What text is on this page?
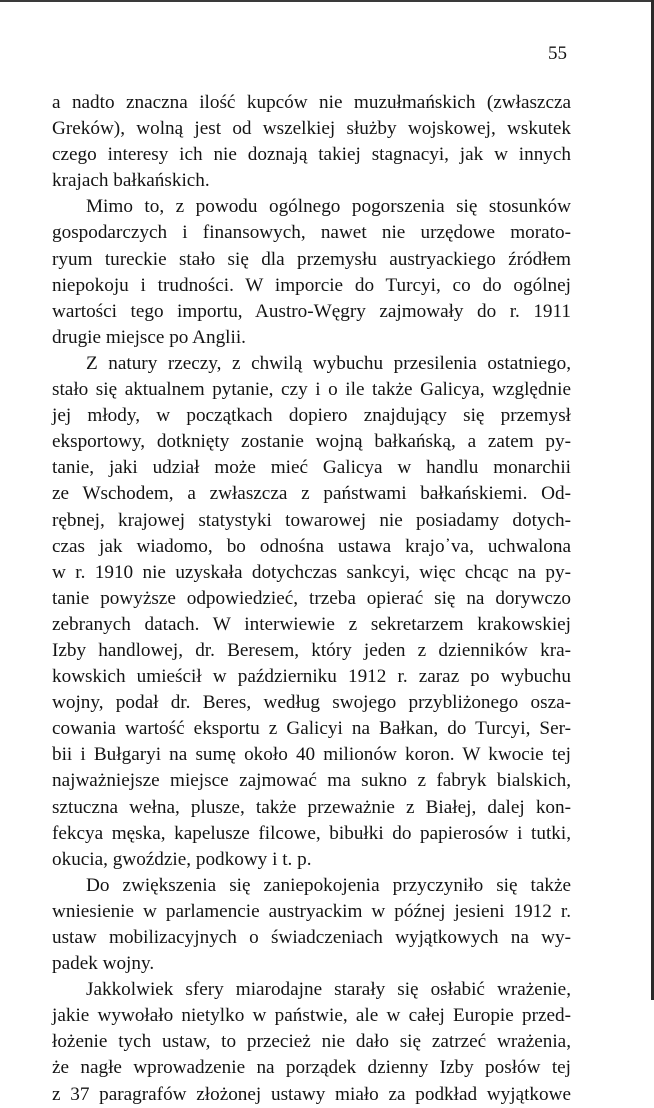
55
a nadto znaczna ilość kupców nie muzułmańskich (zwłaszcza
Greków), wolną jest od wszelkiej służby wojskowej, wskutek
czego interesy ich nie doznają takiej stagnacyi, jak w innych
krajach bałkańskich.
Mimo to, z powodu ogólnego pogorszenia się stosunków
gospodarczych i finansowych, nawet nie urzędowe morato-
ryum tureckie stało się dla przemysłu austryackiego źródłem
niepokoju i trudności. W imporcie do Turcyi, co do ogólnej
wartości tego importu, Austro-Węgry zajmowały do r. 1911
drugie miejsce po Anglii.
Z natury rzeczy, z chwilą wybuchu przesilenia ostatniego,
stało się aktualnem pytanie, czy i o ile także Galicya, względnie
jej młody, w początkach dopiero znajdujący się przemysł
eksportowy, dotknięty zostanie wojną bałkańską, a zatem py-
tanie, jaki udział może mieć Galicya w handlu monarchii
ze Wschodem, a zwłaszcza z państwami bałkańskiemi. Od-
rębnej, krajowej statystyki towarowej nie posiadamy dotych-
czas jak wiadomo, bo odnośna ustawa krajo᾽va, uchwalona
w r. 1910 nie uzyskała dotychczas sankcyi, więc chcąc na py-
tanie powyższe odpowiedzieć, trzeba opierać się na dorywczo
zebranych datach. W interwiewie z sekretarzem krakowskiej
Izby handlowej, dr. Beresem, który jeden z dzienników kra-
kowskich umieścił w październiku 1912 r. zaraz po wybuchu
wojny, podał dr. Beres, według swojego przybliżonego osza-
cowania wartość eksportu z Galicyi na Bałkan, do Turcyi, Ser-
bii i Bułgaryi na sumę około 40 milionów koron. W kwocie tej
najważniejsze miejsce zajmować ma sukno z fabryk bialskich,
sztuczna wełna, plusze, także przeważnie z Białej, dalej kon-
fekcya męska, kapelusze filcowe, bibułki do papierosów i tutki,
okucia, gwoździe, podkowy i t. p.
Do zwiększenia się zaniepokojenia przyczyniło się także
wniesienie w parlamencie austryackim w późnej jesieni 1912 r.
ustaw mobilizacyjnych o świadczeniach wyjątkowych na wy-
padek wojny.
Jakkolwiek sfery miarodajne starały się osłabić wrażenie,
jakie wywołało nietylko w państwie, ale w całej Europie przed-
łożenie tych ustaw, to przecież nie dało się zatrzeć wrażenia,
że nagłe wprowadzenie na porządek dzienny Izby posłów tej
z 37 paragrafów złożonej ustawy miało za podkład wyjątkowe
